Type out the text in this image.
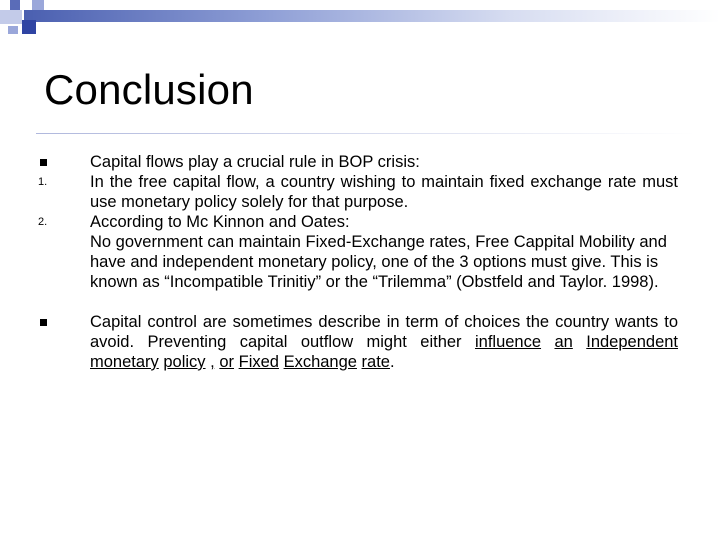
Conclusion
Capital flows play a crucial rule in BOP crisis:
1.	In the free capital flow, a country wishing to maintain fixed exchange rate must use monetary policy solely for that purpose.
2.	According to Mc Kinnon and Oates:
No government can maintain Fixed-Exchange rates, Free Cappital Mobility and have and independent monetary policy, one of the 3 options must give. This is known as “Incompatible Trinitiy” or the “Trilemma” (Obstfeld and Taylor. 1998).
Capital control are sometimes describe in term of choices the country wants to avoid. Preventing capital outflow might either influence an Independent monetary policy , or Fixed Exchange rate.
